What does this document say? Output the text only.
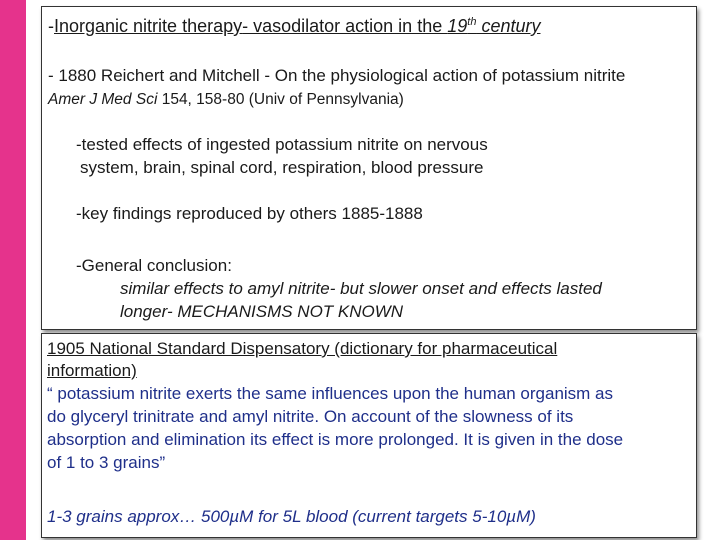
-Inorganic nitrite therapy- vasodilator action in the 19th century
- 1880 Reichert and Mitchell - On the physiological action of potassium nitrite
Amer J Med Sci 154, 158-80 (Univ of Pennsylvania)
-tested effects of ingested potassium nitrite on nervous
system, brain, spinal cord, respiration, blood pressure
-key findings reproduced by others 1885-1888
-General conclusion:
similar effects to amyl nitrite- but slower onset and effects lasted
longer- MECHANISMS NOT KNOWN
1905 National Standard Dispensatory (dictionary for pharmaceutical
information)
“ potassium nitrite exerts the same influences upon the human organism as
do glyceryl trinitrate and amyl nitrite. On account of the slowness of its
absorption and elimination its effect is more prolonged. It is given in the dose
of 1 to 3 grains”
1-3 grains approx… 500µM for 5L blood (current targets 5-10µM)
